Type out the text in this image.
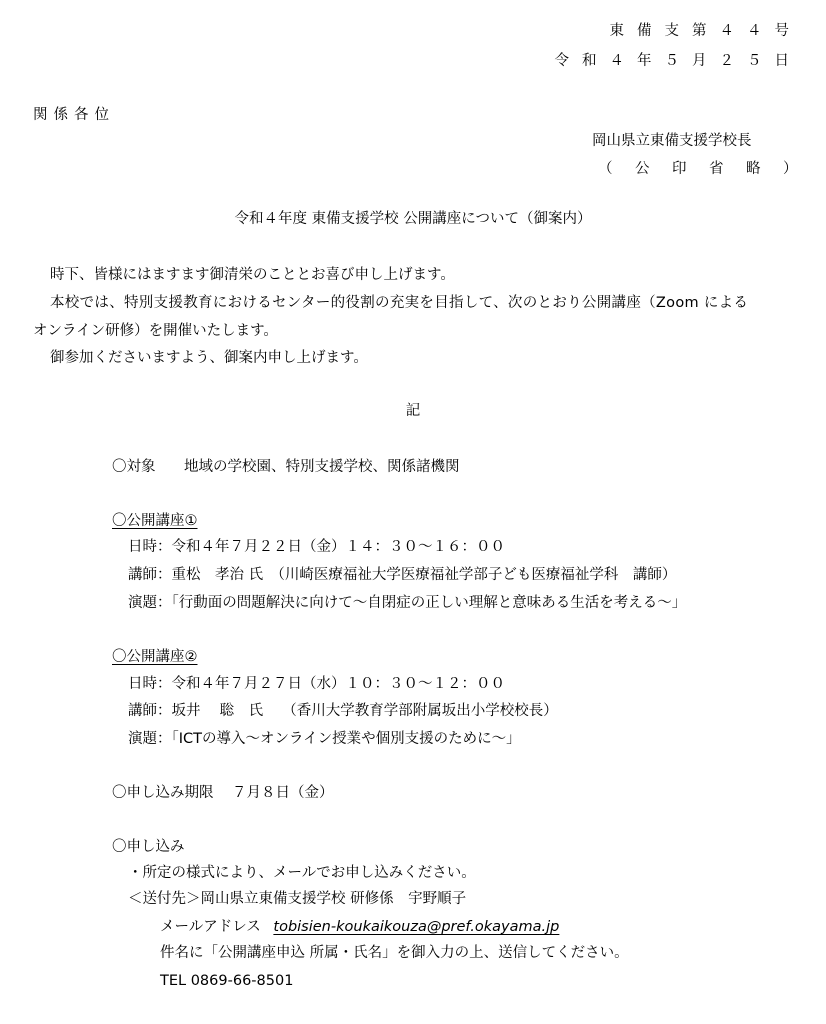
東備支第４４号
令和４年５月２５日
関係各位
岡山県立東備支援学校長
（　公　印　省　略　）
令和４年度 東備支援学校 公開講座について（御案内）
時下、皆様にはますます御清栄のこととお喜び申し上げます。
本校では、特別支援教育におけるセンター的役割の充実を目指して、次のとおり公開講座（Zoom による
オンライン研修）を開催いたします。
御参加くださいますよう、御案内申し上げます。
記
〇対象 地域の学校園、特別支援学校、関係諸機関
〇公開講座①
日時：令和４年７月２２日（金）１４：３０～１６：００
講師：重松　孝治 氏　（川崎医療福祉大学医療福祉学部子ども医療福祉学科　講師）
演題：「行動面の問題解決に向けて～自閉症の正しい理解と意味ある生活を考える～」
〇公開講座②
日時：令和４年７月２７日（水）１０：３０～１２：００
講師：坂井　 聡　氏　 （香川大学教育学部附属坂出小学校校長）
演題：「ICTの導入～オンライン授業や個別支援のために～」
〇申し込み期限 ７月８日（金）
〇申し込み
・所定の様式により、メールでお申し込みください。
＜送付先＞岡山県立東備支援学校 研修係　宇野順子
メールアドレス tobisien-koukaikouza@pref.okayama.jp
件名に「公開講座申込 所属・氏名」を御入力の上、送信してください。
TEL 0869-66-8501
